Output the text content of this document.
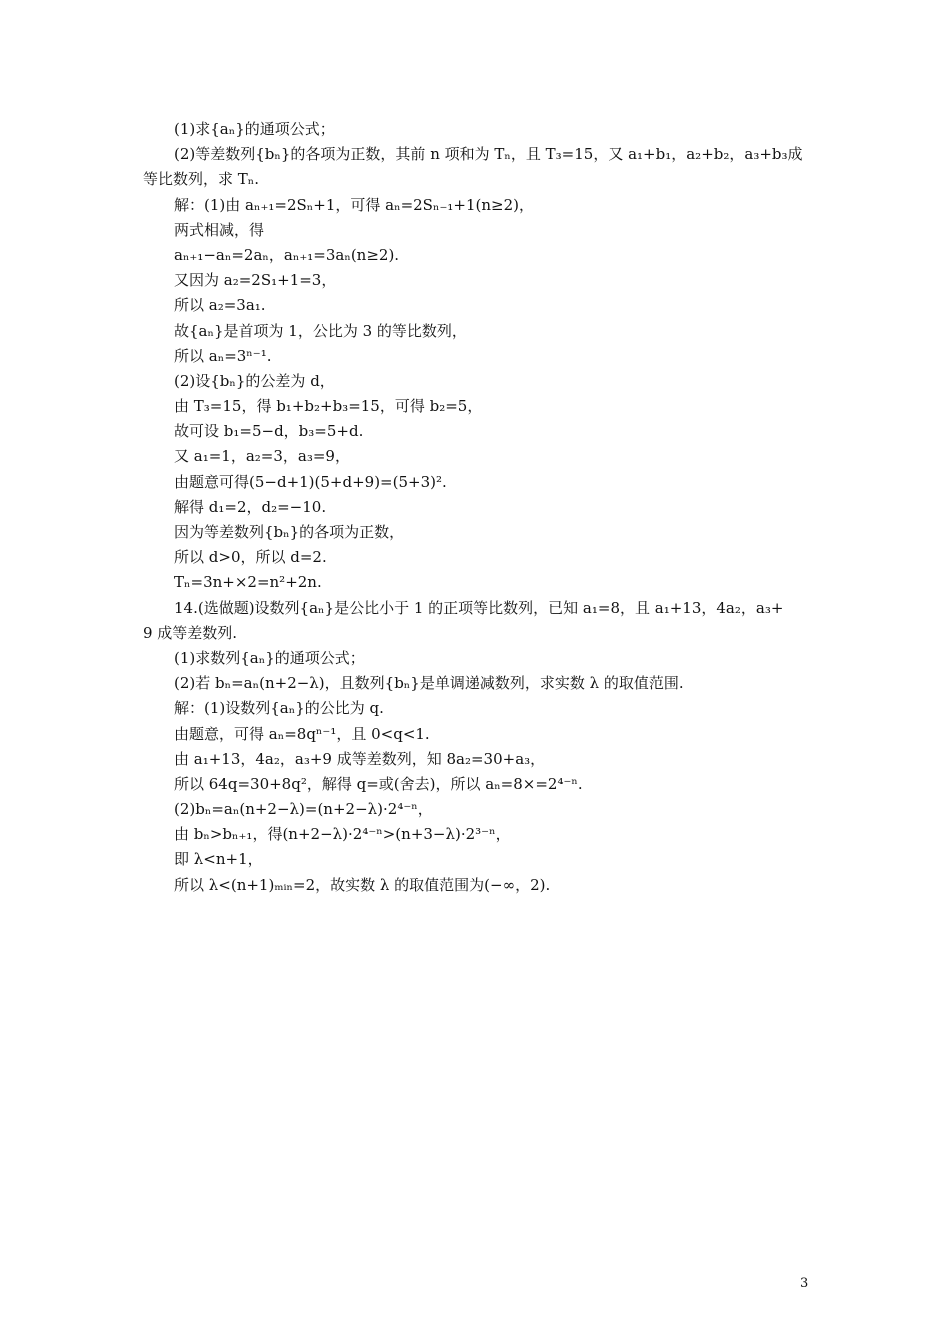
(1)求{aₙ}的通项公式；
(2)等差数列{bₙ}的各项为正数，其前 n 项和为 Tₙ，且 T₃=15，又 a₁+b₁，a₂+b₂，a₃+b₃成
等比数列，求 Tₙ.
解：(1)由 aₙ₊₁=2Sₙ+1，可得 aₙ=2Sₙ₋₁+1(n≥2)，
两式相减，得
aₙ₊₁−aₙ=2aₙ，aₙ₊₁=3aₙ(n≥2).
又因为 a₂=2S₁+1=3，
所以 a₂=3a₁.
故{aₙ}是首项为 1，公比为 3 的等比数列，
所以 aₙ=3ⁿ⁻¹.
(2)设{bₙ}的公差为 d，
由 T₃=15，得 b₁+b₂+b₃=15，可得 b₂=5，
故可设 b₁=5−d，b₃=5+d.
又 a₁=1，a₂=3，a₃=9，
由题意可得(5−d+1)(5+d+9)=(5+3)².
解得 d₁=2，d₂=−10.
因为等差数列{bₙ}的各项为正数，
所以 d>0，所以 d=2.
Tₙ=3n+×2=n²+2n.
14.(选做题)设数列{aₙ}是公比小于 1 的正项等比数列，已知 a₁=8，且 a₁+13，4a₂，a₃+
9 成等差数列.
(1)求数列{aₙ}的通项公式；
(2)若 bₙ=aₙ(n+2−λ)，且数列{bₙ}是单调递减数列，求实数 λ 的取值范围.
解：(1)设数列{aₙ}的公比为 q.
由题意，可得 aₙ=8qⁿ⁻¹，且 0<q<1.
由 a₁+13，4a₂，a₃+9 成等差数列，知 8a₂=30+a₃，
所以 64q=30+8q²，解得 q=或(舍去)，所以 aₙ=8×=2⁴⁻ⁿ.
(2)bₙ=aₙ(n+2−λ)=(n+2−λ)·2⁴⁻ⁿ，
由 bₙ>bₙ₊₁，得(n+2−λ)·2⁴⁻ⁿ>(n+3−λ)·2³⁻ⁿ，
即 λ<n+1，
所以 λ<(n+1)ₘᵢₙ=2，故实数 λ 的取值范围为(−∞，2).
3
